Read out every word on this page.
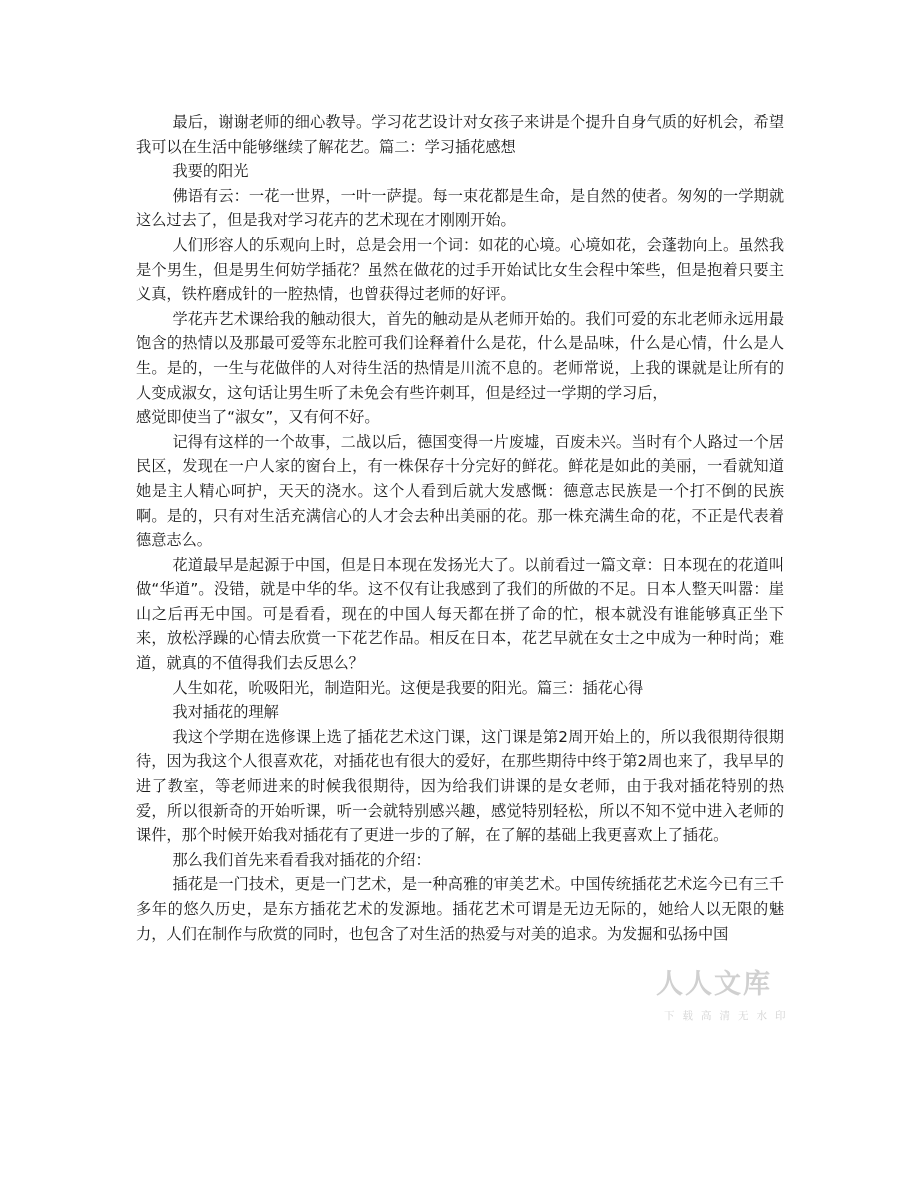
最后，谢谢老师的细心教导。学习花艺设计对女孩子来讲是个提升自身气质的好机会，希望我可以在生活中能够继续了解花艺。篇二：学习插花感想

我要的阳光

佛语有云：一花一世界，一叶一萨提。每一束花都是生命，是自然的使者。匆匆的一学期就这么过去了，但是我对学习花卉的艺术现在才刚刚开始。

人们形容人的乐观向上时，总是会用一个词：如花的心境。心境如花，会蓬勃向上。虽然我是个男生，但是男生何妨学插花？虽然在做花的过手开始试比女生会程中笨些，但是抱着只要主义真，铁杵磨成针的一腔热情，也曾获得过老师的好评。

学花卉艺术课给我的触动很大，首先的触动是从老师开始的。我们可爱的东北老师永远用最饱含的热情以及那最可爱等东北腔可我们诠释着什么是花，什么是品味，什么是心情，什么是人生。是的，一生与花做伴的人对待生活的热情是川流不息的。老师常说，上我的课就是让所有的人变成淑女，这句话让男生听了未免会有些许刺耳，但是经过一学期的学习后，

感觉即使当了“淑女”，又有何不好。

记得有这样的一个故事，二战以后，德国变得一片废墟，百废未兴。当时有个人路过一个居民区，发现在一户人家的窗台上，有一株保存十分完好的鲜花。鲜花是如此的美丽，一看就知道她是主人精心呵护，天天的浇水。这个人看到后就大发感慨：德意志民族是一个打不倒的民族啊。是的，只有对生活充满信心的人才会去种出美丽的花。那一株充满生命的花，不正是代表着德意志么。

花道最早是起源于中国，但是日本现在发扬光大了。以前看过一篇文章：日本现在的花道叫做“华道”。没错，就是中华的华。这不仅有让我感到了我们的所做的不足。日本人整天叫嚣：崖山之后再无中国。可是看看，现在的中国人每天都在拼了命的忙，根本就没有谁能够真正坐下来，放松浮躁的心情去欣赏一下花艺作品。相反在日本，花艺早就在女士之中成为一种时尚；难道，就真的不值得我们去反思么？

人生如花，吮吸阳光，制造阳光。这便是我要的阳光。篇三：插花心得

我对插花的理解

我这个学期在选修课上选了插花艺术这门课，这门课是第2周开始上的，所以我很期待很期待，因为我这个人很喜欢花，对插花也有很大的爱好，在那些期待中终于第2周也来了，我早早的进了教室，等老师进来的时候我很期待，因为给我们讲课的是女老师，由于我对插花特别的热爱，所以很新奇的开始听课，听一会就特别感兴趣，感觉特别轻松，所以不知不觉中进入老师的课件，那个时候开始我对插花有了更进一步的了解，在了解的基础上我更喜欢上了插花。

那么我们首先来看看我对插花的介绍：

插花是一门技术，更是一门艺术，是一种高雅的审美艺术。中国传统插花艺术迄今已有三千多年的悠久历史，是东方插花艺术的发源地。插花艺术可谓是无边无际的，她给人以无限的魅力，人们在制作与欣赏的同时，也包含了对生活的热爱与对美的追求。为发掘和弘扬中国

人人文库
下载高清无水印
